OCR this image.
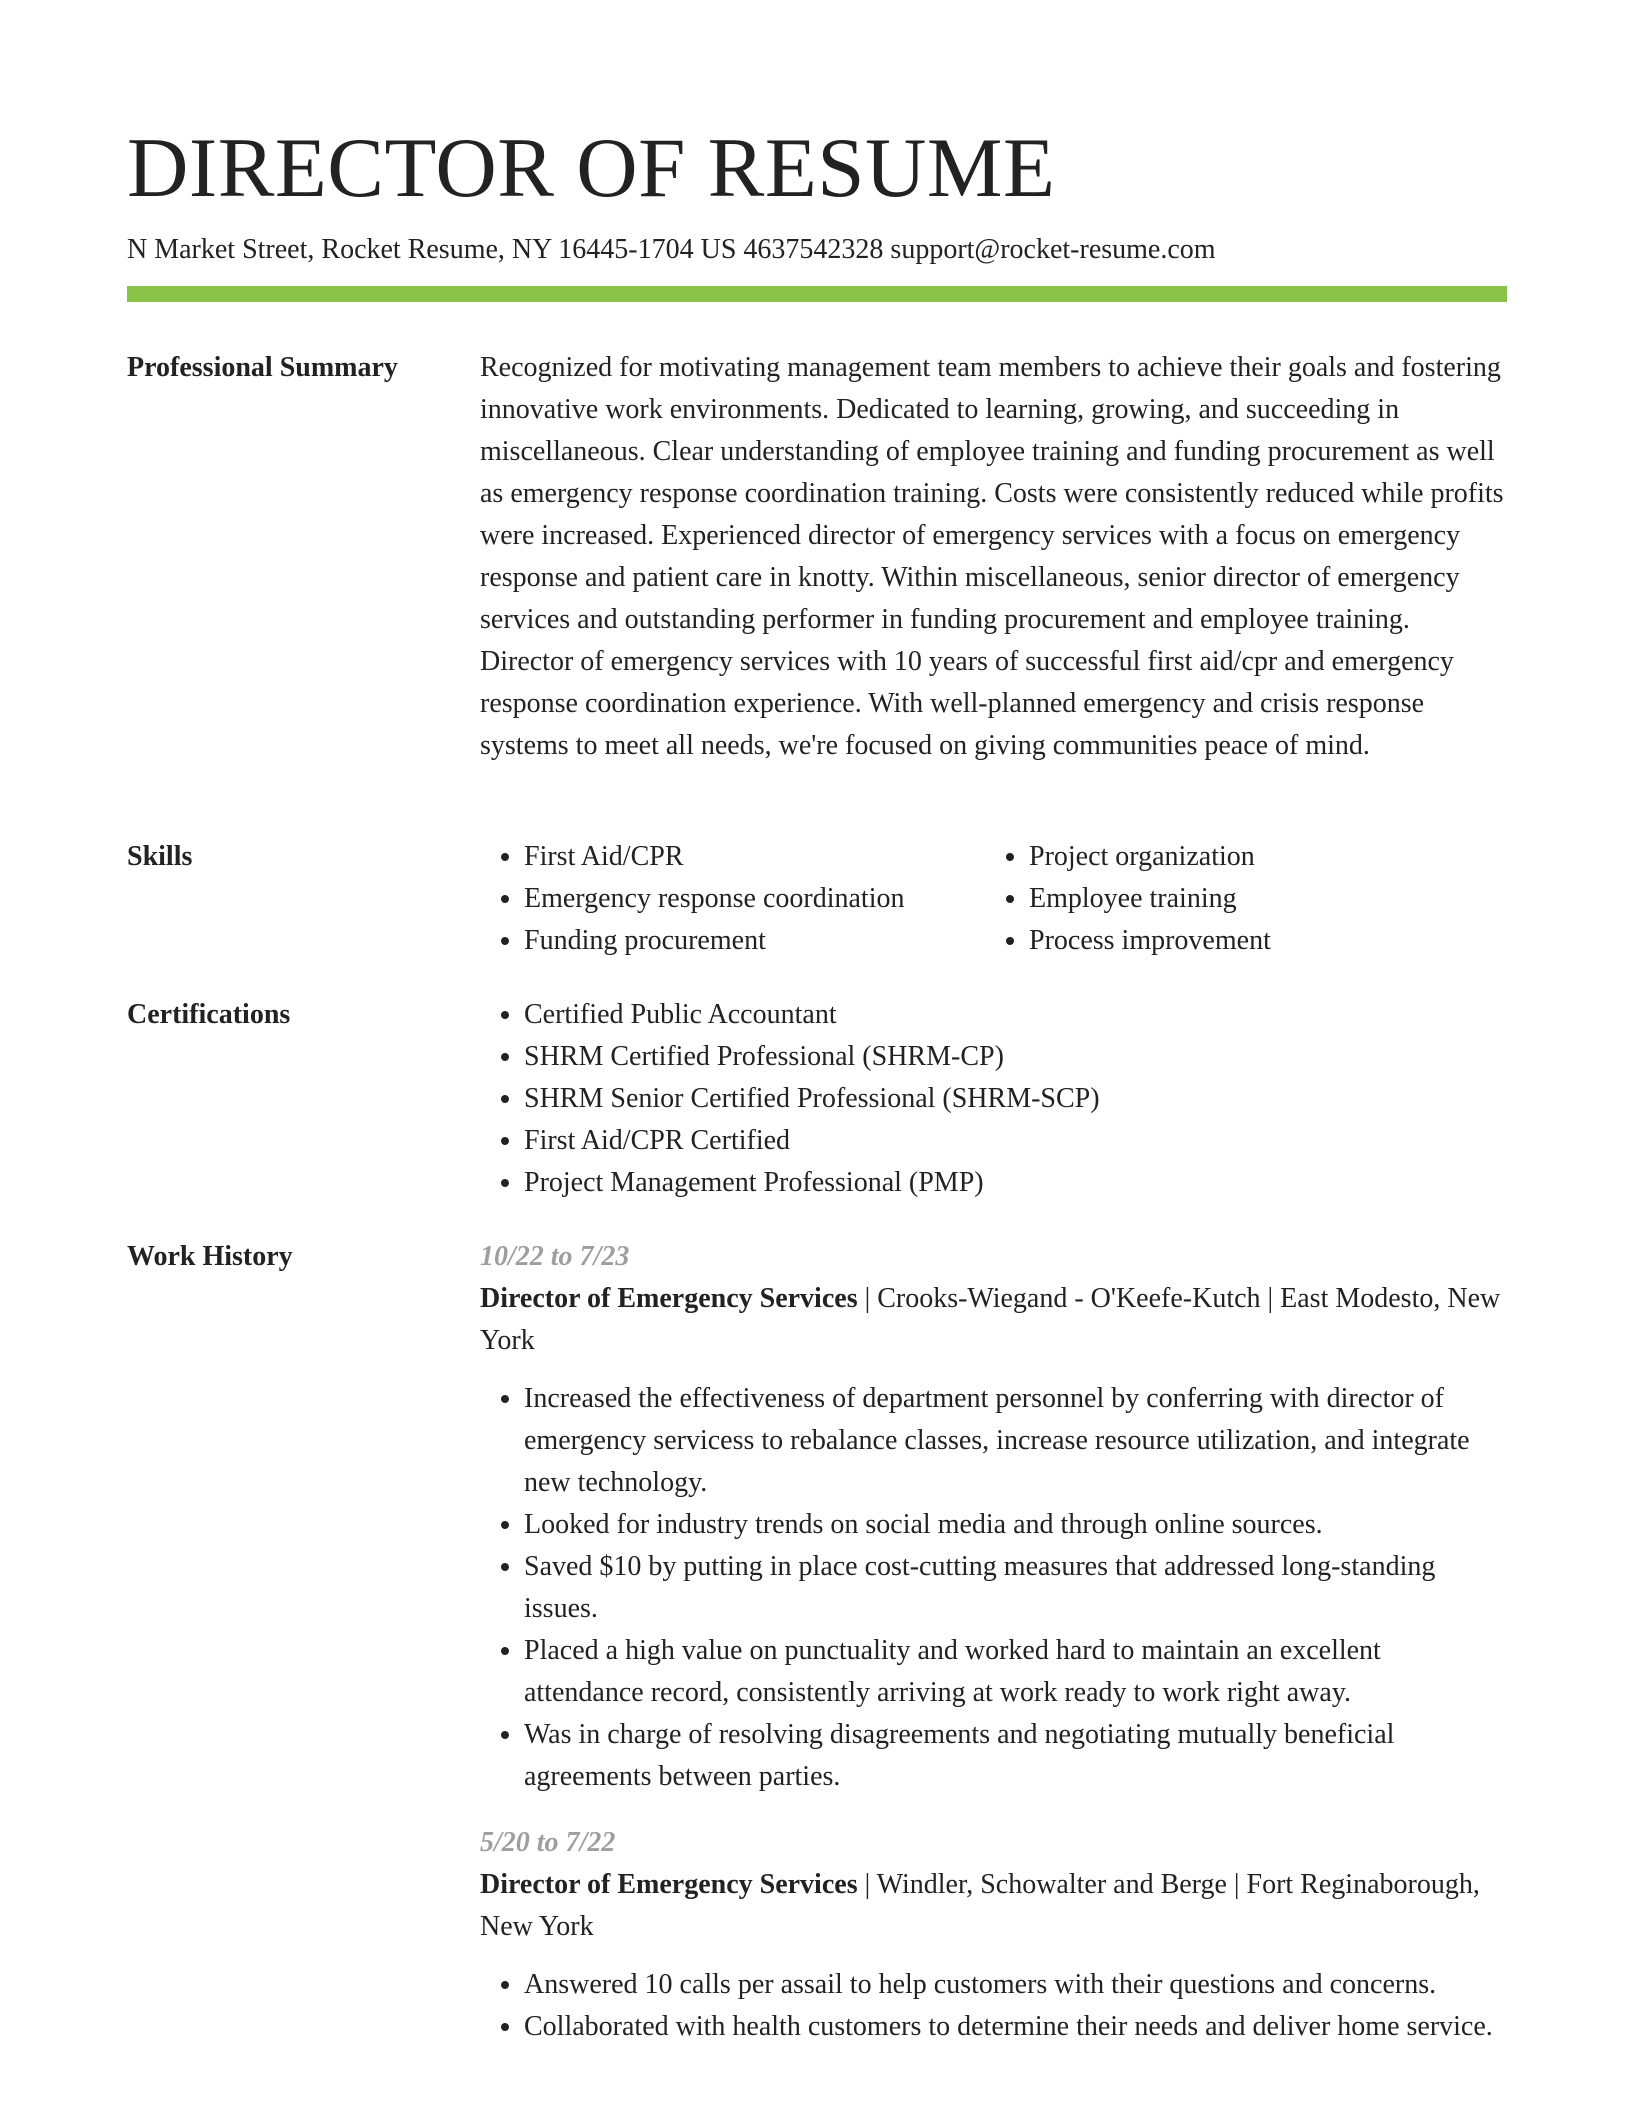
DIRECTOR OF RESUME
N Market Street, Rocket Resume, NY 16445-1704 US 4637542328 support@rocket-resume.com
Professional Summary	Recognized for motivating management team members to achieve their goals and fostering innovative work environments. Dedicated to learning, growing, and succeeding in miscellaneous. Clear understanding of employee training and funding procurement as well as emergency response coordination training. Costs were consistently reduced while profits were increased. Experienced director of emergency services with a focus on emergency response and patient care in knotty. Within miscellaneous, senior director of emergency services and outstanding performer in funding procurement and employee training. Director of emergency services with 10 years of successful first aid/cpr and emergency response coordination experience. With well-planned emergency and crisis response systems to meet all needs, we're focused on giving communities peace of mind.

Skills	• First Aid/CPR
• Emergency response coordination
• Funding procurement
• Project organization
• Employee training
• Process improvement
Certifications	• Certified Public Accountant
• SHRM Certified Professional (SHRM-CP)
• SHRM Senior Certified Professional (SHRM-SCP)
• First Aid/CPR Certified
• Project Management Professional (PMP)
Work History	10/22 to 7/23
Director of Emergency Services | Crooks-Wiegand - O'Keefe-Kutch | East Modesto, New York
• Increased the effectiveness of department personnel by conferring with director of emergency servicess to rebalance classes, increase resource utilization, and integrate new technology.
• Looked for industry trends on social media and through online sources.
• Saved $10 by putting in place cost-cutting measures that addressed long-standing issues.
• Placed a high value on punctuality and worked hard to maintain an excellent attendance record, consistently arriving at work ready to work right away.
• Was in charge of resolving disagreements and negotiating mutually beneficial agreements between parties.
5/20 to 7/22
Director of Emergency Services | Windler, Schowalter and Berge | Fort Reginaborough, New York
• Answered 10 calls per assail to help customers with their questions and concerns.
• Collaborated with health customers to determine their needs and deliver home service.
